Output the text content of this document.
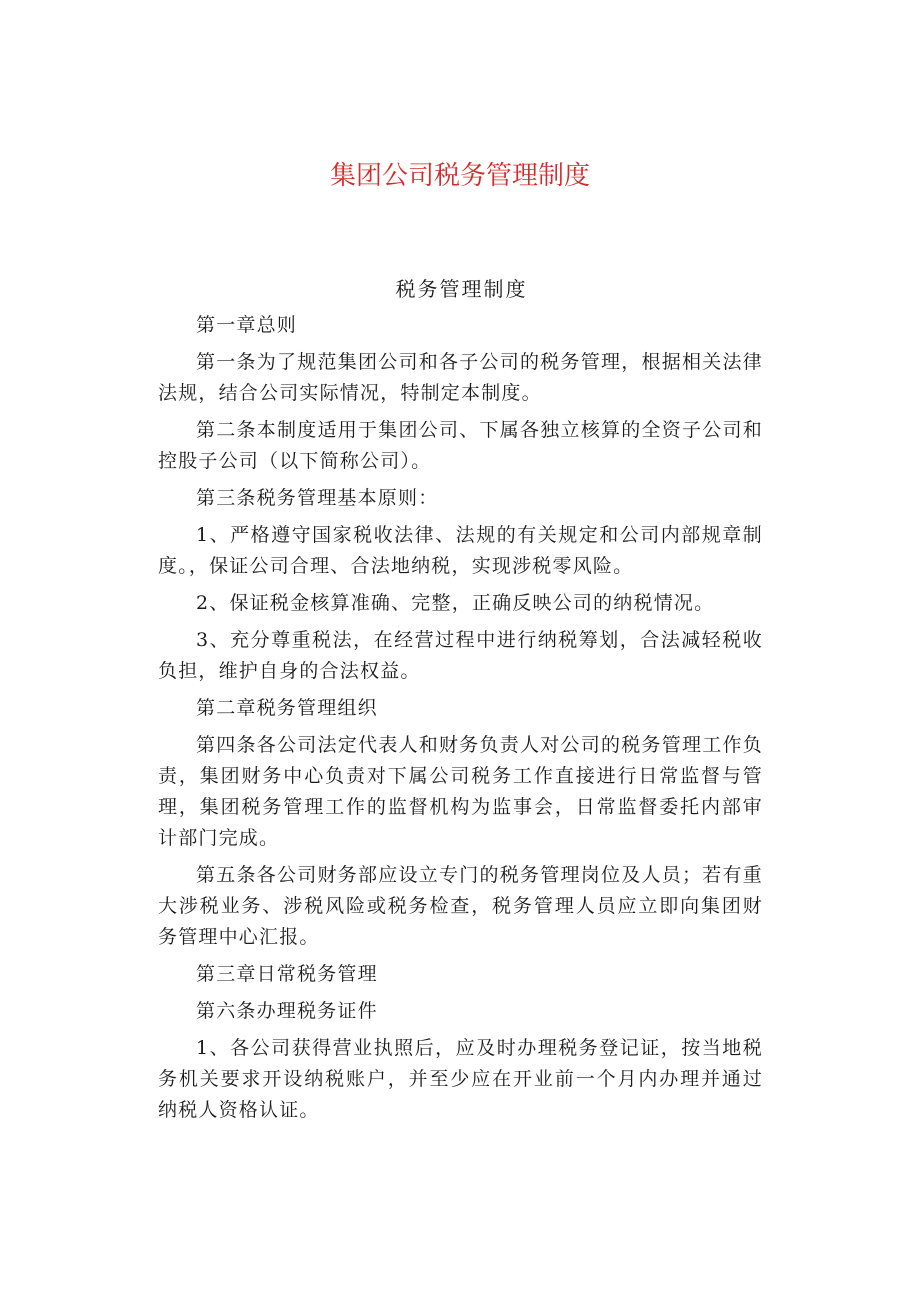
集团公司税务管理制度
税务管理制度
第一章总则

第一条为了规范集团公司和各子公司的税务管理，根据相关法律法规，结合公司实际情况，特制定本制度。

第二条本制度适用于集团公司、下属各独立核算的全资子公司和控股子公司（以下简称公司）。

第三条税务管理基本原则：

1、严格遵守国家税收法律、法规的有关规定和公司内部规章制度。，保证公司合理、合法地纳税，实现涉税零风险。

2、保证税金核算准确、完整，正确反映公司的纳税情况。

3、充分尊重税法，在经营过程中进行纳税筹划，合法减轻税收负担，维护自身的合法权益。

第二章税务管理组织

第四条各公司法定代表人和财务负责人对公司的税务管理工作负责，集团财务中心负责对下属公司税务工作直接进行日常监督与管理，集团税务管理工作的监督机构为监事会，日常监督委托内部审计部门完成。

第五条各公司财务部应设立专门的税务管理岗位及人员；若有重大涉税业务、涉税风险或税务检查，税务管理人员应立即向集团财务管理中心汇报。

第三章日常税务管理
第六条办理税务证件

1、各公司获得营业执照后，应及时办理税务登记证，按当地税务机关要求开设纳税账户，并至少应在开业前一个月内办理并通过纳税人资格认证。
